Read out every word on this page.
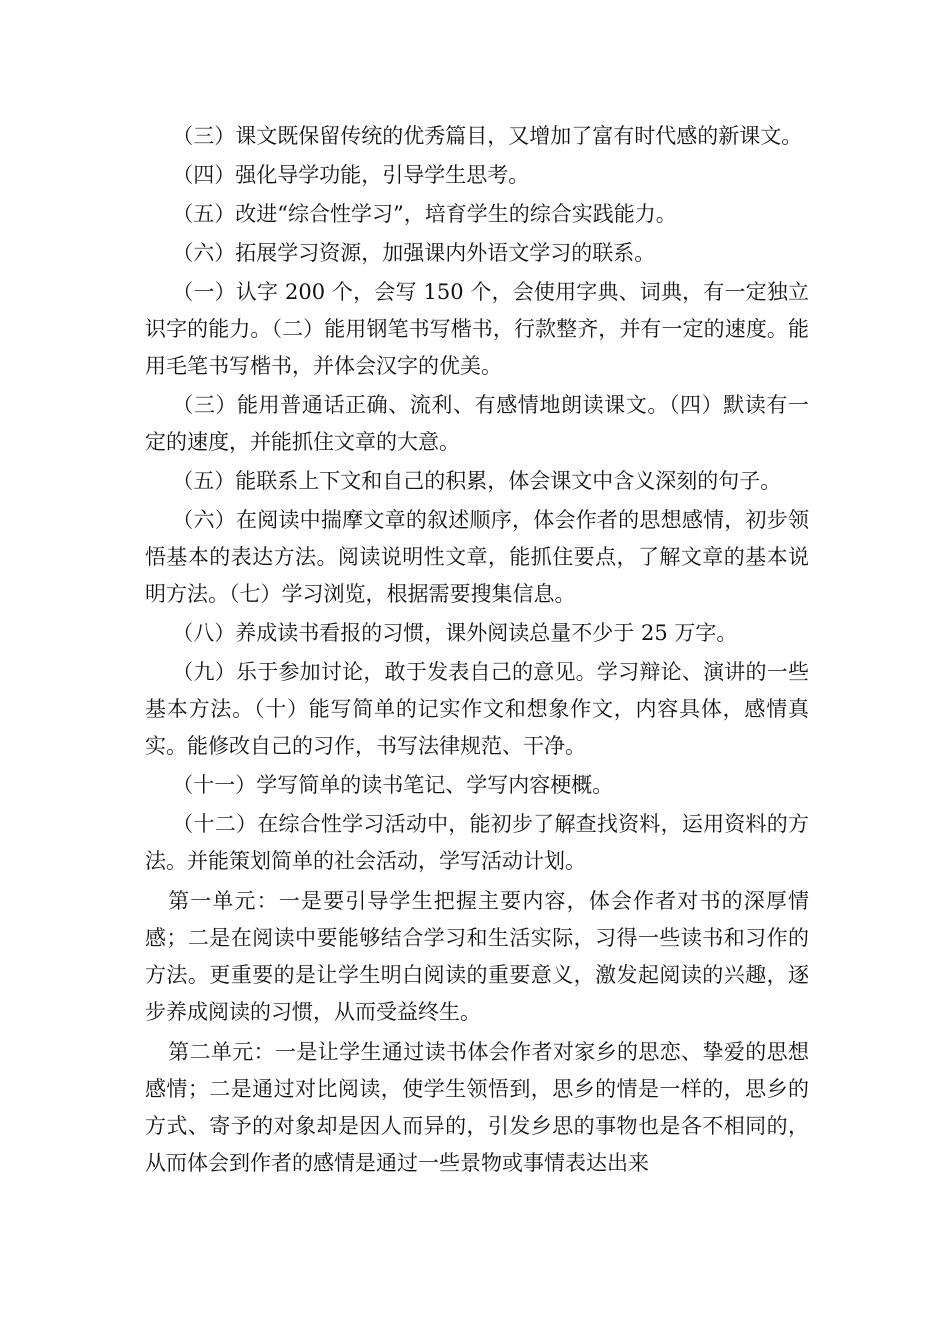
（三）课文既保留传统的优秀篇目，又增加了富有时代感的新课文。

（四）强化导学功能，引导学生思考。

（五）改进“综合性学习”，培育学生的综合实践能力。

（六）拓展学习资源，加强课内外语文学习的联系。

（一）认字 200 个，会写 150 个，会使用字典、词典，有一定独立识字的能力。（二）能用钢笔书写楷书，行款整齐，并有一定的速度。能用毛笔书写楷书，并体会汉字的优美。

（三）能用普通话正确、流利、有感情地朗读课文。（四）默读有一定的速度，并能抓住文章的大意。

（五）能联系上下文和自己的积累，体会课文中含义深刻的句子。

（六）在阅读中揣摩文章的叙述顺序，体会作者的思想感情，初步领悟基本的表达方法。阅读说明性文章，能抓住要点，了解文章的基本说明方法。（七）学习浏览，根据需要搜集信息。

（八）养成读书看报的习惯，课外阅读总量不少于 25 万字。

（九）乐于参加讨论，敢于发表自己的意见。学习辩论、演讲的一些基本方法。（十）能写简单的记实作文和想象作文，内容具体，感情真实。能修改自己的习作，书写法律规范、干净。

（十一）学写简单的读书笔记、学写内容梗概。

（十二）在综合性学习活动中，能初步了解查找资料，运用资料的方法。并能策划简单的社会活动，学写活动计划。

第一单元：一是要引导学生把握主要内容，体会作者对书的深厚情感；二是在阅读中要能够结合学习和生活实际，习得一些读书和习作的方法。更重要的是让学生明白阅读的重要意义，激发起阅读的兴趣，逐步养成阅读的习惯，从而受益终生。

第二单元：一是让学生通过读书体会作者对家乡的思恋、挚爱的思想感情；二是通过对比阅读，使学生领悟到，思乡的情是一样的，思乡的方式、寄予的对象却是因人而异的，引发乡思的事物也是各不相同的，从而体会到作者的感情是通过一些景物或事情表达出来
